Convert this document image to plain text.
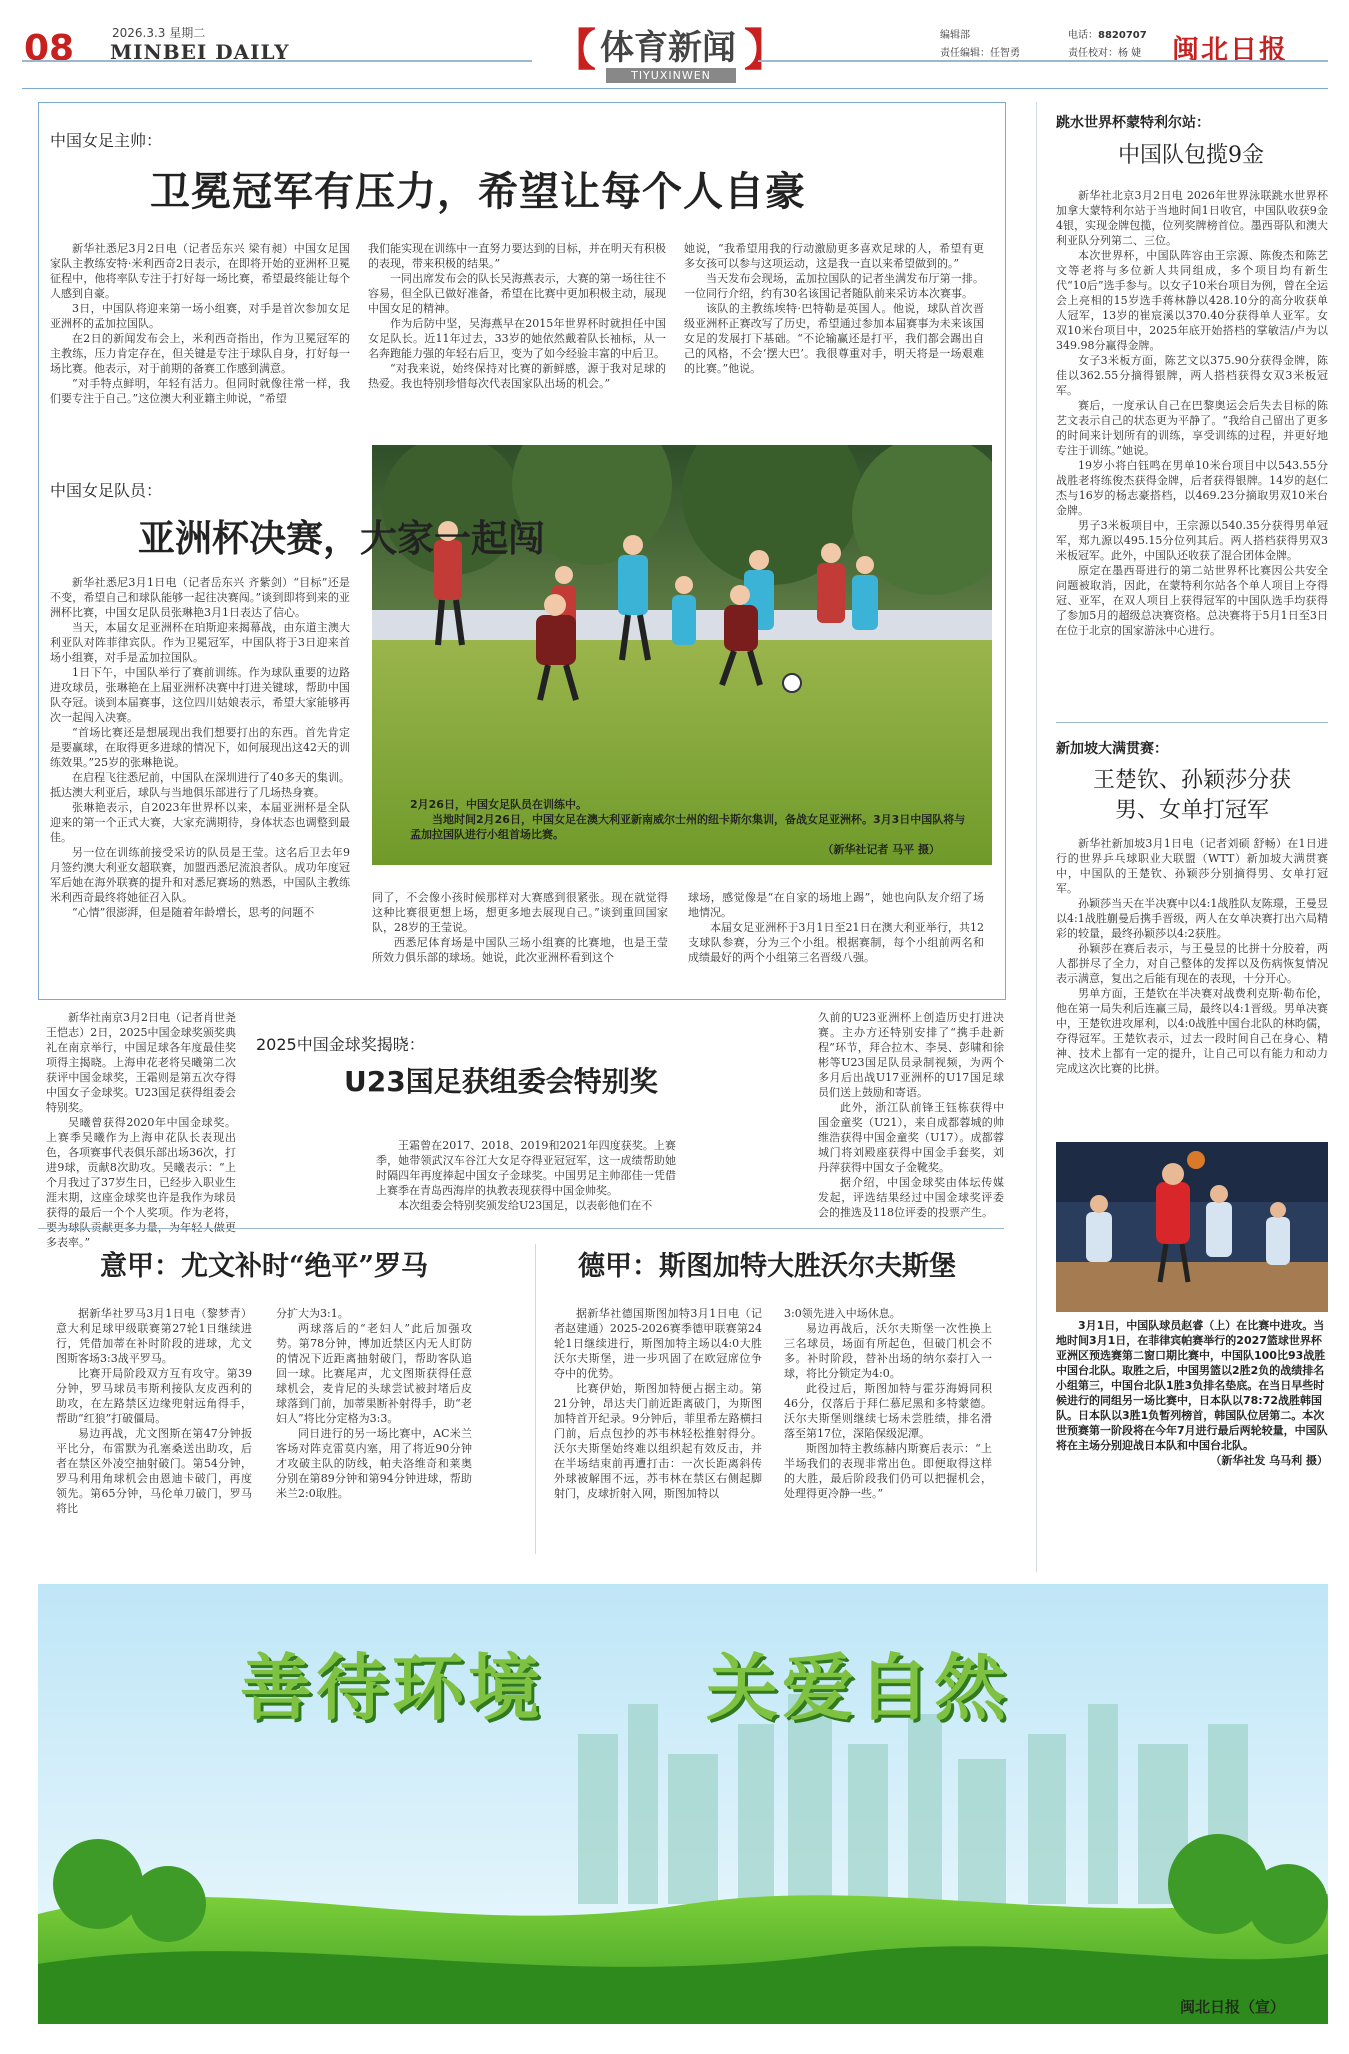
08	2026.3.3 星期二
MINBEI DAILY	【	】
体育新闻
TIYUXINWEN
编辑部	电话：8820707
责任编辑：任智勇	责任校对：杨 婕 闽北日报
中国女足主帅：
卫冕冠军有压力，希望让每个人自豪

新华社悉尼3月2日电（记者岳东兴 梁有昶）中国女足国家队主教练安特·米利西奇2日表示，在即将开始的亚洲杯卫冕征程中，他将率队专注于打好每一场比赛，希望最终能让每个人感到自豪。

3日，中国队将迎来第一场小组赛，对手是首次参加女足亚洲杯的孟加拉国队。

在2日的新闻发布会上，米利西奇指出，作为卫冕冠军的主教练，压力肯定存在，但关键是专注于球队自身，打好每一场比赛。他表示，对于前期的备赛工作感到满意。

“对手特点鲜明，年轻有活力。但同时就像往常一样，我们要专注于自己。”这位澳大利亚籍主帅说，“希望

我们能实现在训练中一直努力要达到的目标，并在明天有积极的表现，带来积极的结果。”

一同出席发布会的队长吴海燕表示，大赛的第一场往往不容易，但全队已做好准备，希望在比赛中更加积极主动，展现中国女足的精神。

作为后防中坚，吴海燕早在2015年世界杯时就担任中国女足队长。近11年过去，33岁的她依然戴着队长袖标，从一名奔跑能力强的年轻右后卫，变为了如今经验丰富的中后卫。

“对我来说，始终保持对比赛的新鲜感，源于我对足球的热爱。我也特别珍惜每次代表国家队出场的机会。”

她说，“我希望用我的行动激励更多喜欢足球的人，希望有更多女孩可以参与这项运动，这是我一直以来希望做到的。”

当天发布会现场，孟加拉国队的记者坐满发布厅第一排。一位同行介绍，约有30名该国记者随队前来采访本次赛事。

该队的主教练埃特·巴特勒是英国人。他说，球队首次晋级亚洲杯正赛改写了历史，希望通过参加本届赛事为未来该国女足的发展打下基础。“不论输赢还是打平，我们都会踢出自己的风格，不会‘摆大巴’。我很尊重对手，明天将是一场艰难的比赛。”他说。

中国女足队员：
亚洲杯决赛，大家一起闯
2月26日，中国女足队员在训练中。
当地时间2月26日，中国女足在澳大利亚新南威尔士州的纽卡斯尔集训，备战女足亚洲杯。3月3日中国队将与孟加拉国队进行小组首场比赛。
（新华社记者 马平 摄）

新华社悉尼3月1日电（记者岳东兴 齐紫剑）“目标”还是不变，希望自己和球队能够一起往决赛闯。”谈到即将到来的亚洲杯比赛，中国女足队员张琳艳3月1日表达了信心。

当天，本届女足亚洲杯在珀斯迎来揭幕战，由东道主澳大利亚队对阵菲律宾队。作为卫冕冠军，中国队将于3日迎来首场小组赛，对手是孟加拉国队。

1日下午，中国队举行了赛前训练。作为球队重要的边路进攻球员，张琳艳在上届亚洲杯决赛中打进关键球，帮助中国队夺冠。谈到本届赛事，这位四川姑娘表示，希望大家能够再次一起闯入决赛。

“首场比赛还是想展现出我们想要打出的东西。首先肯定是要赢球，在取得更多进球的情况下，如何展现出这42天的训练效果。”25岁的张琳艳说。

在启程飞往悉尼前，中国队在深圳进行了40多天的集训。抵达澳大利亚后，球队与当地俱乐部进行了几场热身赛。

张琳艳表示，自2023年世界杯以来，本届亚洲杯是全队迎来的第一个正式大赛，大家充满期待，身体状态也调整到最佳。

另一位在训练前接受采访的队员是王莹。这名后卫去年9月签约澳大利亚女超联赛，加盟西悉尼流浪者队。成功年度冠军后她在海外联赛的提升和对悉尼赛场的熟悉，中国队主教练米利西奇最终将她征召入队。

“心情”很澎湃，但是随着年龄增长，思考的问题不

同了，不会像小孩时候那样对大赛感到很紧张。现在就觉得这种比赛很更想上场，想更多地去展现自己。”谈到重回国家队，28岁的王莹说。

西悉尼体育场是中国队三场小组赛的比赛地，也是王莹所效力俱乐部的球场。她说，此次亚洲杯看到这个

球场，感觉像是“在自家的场地上踢”，她也向队友介绍了场地情况。

本届女足亚洲杯于3月1日至21日在澳大利亚举行，共12支球队参赛，分为三个小组。根据赛制，每个小组前两名和成绩最好的两个小组第三名晋级八强。

新华社南京3月2日电（记者肖世尧 王恺志）2日，2025中国金球奖颁奖典礼在南京举行，中国足球各年度最佳奖项得主揭晓。上海申花老将吴曦第二次获评中国金球奖，王霜则是第五次夺得中国女子金球奖。U23国足获得组委会特别奖。

吴曦曾获得2020年中国金球奖。上赛季吴曦作为上海申花队长表现出色，各项赛事代表俱乐部出场36次，打进9球，贡献8次助攻。吴曦表示：“上个月我过了37岁生日，已经步入职业生涯末期，这座金球奖也许是我作为球员获得的最后一个个人奖项。作为老将，要为球队贡献更多力量，为年轻人做更多表率。”

2025中国金球奖揭晓：
U23国足获组委会特别奖

王霜曾在2017、2018、2019和2021年四度获奖。上赛季，她带领武汉车谷江大女足夺得亚冠冠军，这一成绩帮助她时隔四年再度捧起中国女子金球奖。中国男足主帅邵佳一凭借上赛季在青岛西海岸的执教表现获得中国金帅奖。

本次组委会特别奖颁发给U23国足，以表彰他们在不

久前的U23亚洲杯上创造历史打进决赛。主办方还特别安排了“携手赴新程”环节，拜合拉木、李昊、彭啸和徐彬等U23国足队员录制视频，为两个多月后出战U17亚洲杯的U17国足球员们送上鼓励和寄语。

此外，浙江队前锋王钰栋获得中国金童奖（U21），来自成都蓉城的帅维浩获得中国金童奖（U17）。成都蓉城门将刘殿座获得中国金手套奖，刘丹萍获得中国女子金靴奖。

据介绍，中国金球奖由体坛传媒发起，评选结果经过中国金球奖评委会的推选及118位评委的投票产生。

意甲：尤文补时“绝平”罗马

据新华社罗马3月1日电（黎梦青）意大利足球甲级联赛第27轮1日继续进行，凭借加蒂在补时阶段的进球，尤文图斯客场3:3战平罗马。

比赛开局阶段双方互有攻守。第39分钟，罗马球员韦斯利接队友皮西利的助攻，在左路禁区边缘兜射远角得手，帮助“红狼”打破僵局。

易边再战，尤文图斯在第47分钟扳平比分，布雷默为孔塞桑送出助攻，后者在禁区外凌空抽射破门。第54分钟，罗马利用角球机会由恩迪卡破门，再度领先。第65分钟，马伦单刀破门，罗马将比

分扩大为3:1。

两球落后的“老妇人”此后加强攻势。第78分钟，博加近禁区内无人盯防的情况下近距离抽射破门，帮助客队追回一球。比赛尾声，尤文图斯获得任意球机会，麦肯尼的头球尝试被封堵后皮球落到门前，加蒂果断补射得手，助“老妇人”将比分定格为3:3。

同日进行的另一场比赛中，AC米兰客场对阵克雷莫内塞，用了将近90分钟才攻破主队的防线，帕夫洛维奇和莱奥分别在第89分钟和第94分钟进球，帮助米兰2:0取胜。

德甲：斯图加特大胜沃尔夫斯堡

据新华社德国斯图加特3月1日电（记者赵建通）2025-2026赛季德甲联赛第24轮1日继续进行，斯图加特主场以4:0大胜沃尔夫斯堡，进一步巩固了在欧冠席位争夺中的优势。

比赛伊始，斯图加特便占据主动。第21分钟，昂达夫门前近距离破门，为斯图加特首开纪录。9分钟后，菲里希左路横扫门前，后点包抄的苏韦林轻松推射得分。沃尔夫斯堡始终难以组织起有效反击，并在半场结束前再遭打击：一次长距离斜传外球被解围不远，苏韦林在禁区右侧起脚射门，皮球折射入网，斯图加特以

3:0领先进入中场休息。

易边再战后，沃尔夫斯堡一次性换上三名球员，场面有所起色，但破门机会不多。补时阶段，替补出场的纳尔泰打入一球，将比分锁定为4:0。

此役过后，斯图加特与霍芬海姆同积46分，仅落后于拜仁慕尼黑和多特蒙德。沃尔夫斯堡则继续七场未尝胜绩，排名滑落至第17位，深陷保级泥潭。

斯图加特主教练赫内斯赛后表示：“上半场我们的表现非常出色。即便取得这样的大胜，最后阶段我们仍可以把握机会，处理得更冷静一些。”

跳水世界杯蒙特利尔站：
中国队包揽9金

新华社北京3月2日电 2026年世界泳联跳水世界杯加拿大蒙特利尔站于当地时间1日收官，中国队收获9金4银，实现金牌包揽，位列奖牌榜首位。墨西哥队和澳大利亚队分列第二、三位。

本次世界杯，中国队阵容由王宗源、陈俊杰和陈艺文等老将与多位新人共同组成，多个项目均有新生代“10后”选手参与。以女子10米台项目为例，曾在全运会上亮相的15岁选手蒋林静以428.10分的高分收获单人冠军，13岁的崔宸溪以370.40分获得单人亚军。女双10米台项目中，2025年底开始搭档的掌敏洁/卢为以349.98分赢得金牌。

女子3米板方面，陈艺文以375.90分获得金牌，陈佳以362.55分摘得银牌，两人搭档获得女双3米板冠军。

赛后，一度承认自己在巴黎奥运会后失去目标的陈艺文表示自己的状态更为平静了。“我给自己留出了更多的时间来计划所有的训练，享受训练的过程，并更好地专注于训练。”她说。

19岁小将白钰鸣在男单10米台项目中以543.55分战胜老将练俊杰获得金牌，后者获得银牌。14岁的赵仁杰与16岁的杨志豪搭档，以469.23分摘取男双10米台金牌。

男子3米板项目中，王宗源以540.35分获得男单冠军，郑九源以495.15分位列其后。两人搭档获得男双3米板冠军。此外，中国队还收获了混合团体金牌。

原定在墨西哥进行的第二站世界杯比赛因公共安全问题被取消，因此，在蒙特利尔站各个单人项目上夺得冠、亚军，在双人项目上获得冠军的中国队选手均获得了参加5月的超级总决赛资格。总决赛将于5月1日至3日在位于北京的国家游泳中心进行。

新加坡大满贯赛：
王楚钦、孙颖莎分获
男、女单打冠军

新华社新加坡3月1日电（记者刘硕 舒畅）在1日进行的世界乒乓球职业大联盟（WTT）新加坡大满贯赛中，中国队的王楚钦、孙颖莎分别摘得男、女单打冠军。

孙颖莎当天在半决赛中以4:1战胜队友陈璟，王曼昱以4:1战胜蒯曼后携手晋级，两人在女单决赛打出六局精彩的较量，最终孙颖莎以4:2获胜。

孙颖莎在赛后表示，与王曼昱的比拼十分胶着，两人都拼尽了全力，对自己整体的发挥以及伤病恢复情况表示满意，复出之后能有现在的表现，十分开心。

男单方面，王楚钦在半决赛对战费利克斯·勒布伦，他在第一局失利后连赢三局，最终以4:1晋级。男单决赛中，王楚钦进攻犀利，以4:0战胜中国台北队的林昀儒，夺得冠军。王楚钦表示，过去一段时间自己在身心、精神、技术上都有一定的提升，让自己可以有能力和动力完成这次比赛的比拼。

3月1日，中国队球员赵睿（上）在比赛中进攻。当地时间3月1日，在菲律宾帕赛举行的2027篮球世界杯亚洲区预选赛第二窗口期比赛中，中国队100比93战胜中国台北队。取胜之后，中国男篮以2胜2负的战绩排名小组第三，中国台北队1胜3负排名垫底。在当日早些时候进行的同组另一场比赛中，日本队以78:72战胜韩国队。日本队以3胜1负暂列榜首，韩国队位居第二。本次世预赛第一阶段将在今年7月进行最后两轮较量，中国队将在主场分别迎战日本队和中国台北队。
（新华社发 乌马利 摄）
善待环境 关爱自然
闽北日报（宣）
